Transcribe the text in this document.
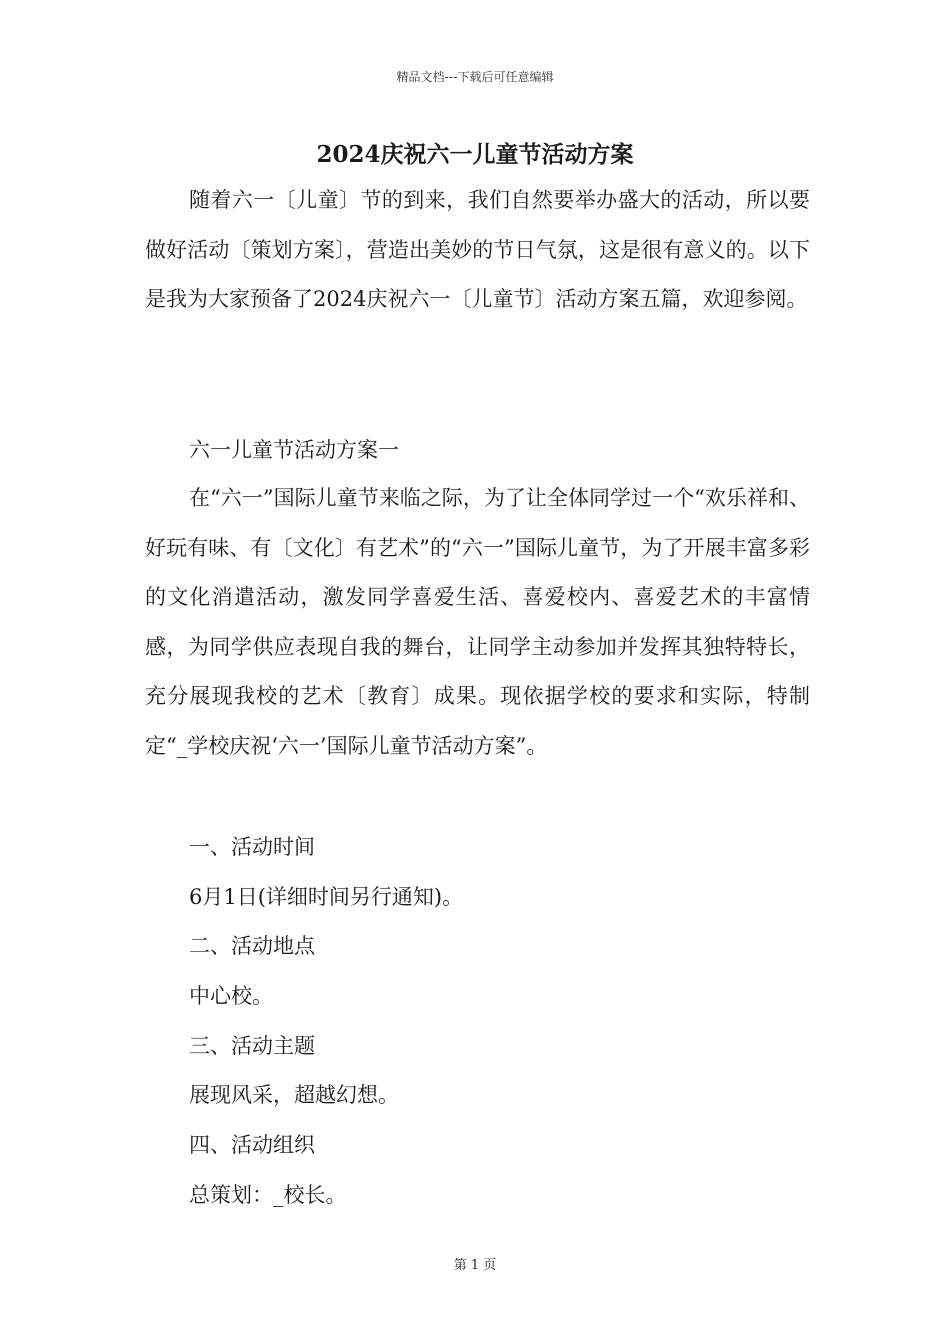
精品文档---下载后可任意编辑
2024庆祝六一儿童节活动方案

随着六一〔儿童〕节的到来，我们自然要举办盛大的活动，所以要做好活动〔策划方案〕，营造出美妙的节日气氛，这是很有意义的。以下是我为大家预备了2024庆祝六一〔儿童节〕活动方案五篇，欢迎参阅。

六一儿童节活动方案一

在“六一”国际儿童节来临之际，为了让全体同学过一个“欢乐祥和、好玩有味、有〔文化〕有艺术”的“六一”国际儿童节，为了开展丰富多彩的文化消遣活动，激发同学喜爱生活、喜爱校内、喜爱艺术的丰富情感，为同学供应表现自我的舞台，让同学主动参加并发挥其独特特长，充分展现我校的艺术〔教育〕成果。现依据学校的要求和实际，特制定“_学校庆祝‘六一’国际儿童节活动方案”。

一、活动时间
6月1日(详细时间另行通知)。
二、活动地点
中心校。
三、活动主题
展现风采，超越幻想。
四、活动组织
总策划：_校长。
第 1 页
